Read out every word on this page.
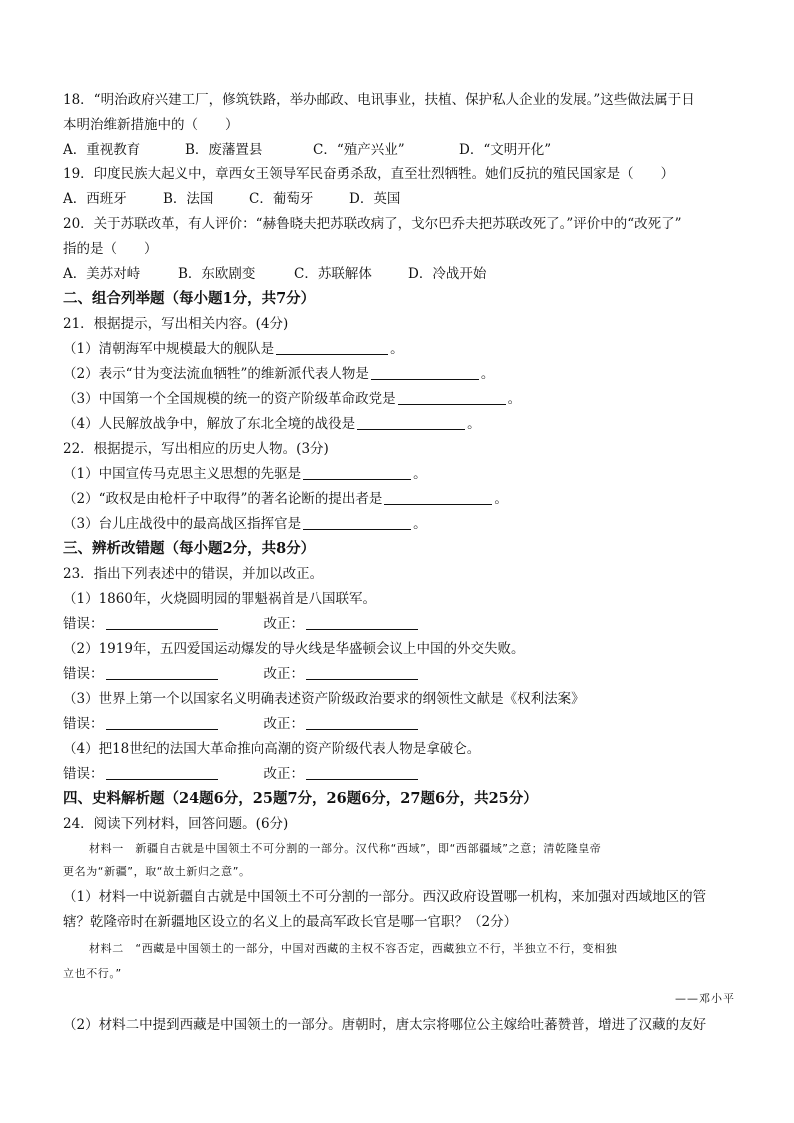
18．“明治政府兴建工厂，修筑铁路，举办邮政、电讯事业，扶植、保护私人企业的发展。”这些做法属于日
本明治维新措施中的（　　）
A．重视教育	B．废藩置县	C．“殖产兴业”	D．“文明开化”
19．印度民族大起义中，章西女王领导军民奋勇杀敌，直至壮烈牺牲。她们反抗的殖民国家是（　　）
A．西班牙	B．法国	C．葡萄牙	D．英国
20．关于苏联改革，有人评价：“赫鲁晓夫把苏联改病了，戈尔巴乔夫把苏联改死了。”评价中的“改死了”
指的是（　　）
A．美苏对峙	B．东欧剧变	C．苏联解体	D．冷战开始
二、组合列举题（每小题1分，共7分）
21．根据提示，写出相关内容。(4分)
（1）清朝海军中规模最大的舰队是	。
（2）表示“甘为变法流血牺牲”的维新派代表人物是	。
（3）中国第一个全国规模的统一的资产阶级革命政党是	。
（4）人民解放战争中，解放了东北全境的战役是	。
22．根据提示，写出相应的历史人物。(3分)
（1）中国宣传马克思主义思想的先驱是	。
（2）“政权是由枪杆子中取得”的著名论断的提出者是	。
（3）台儿庄战役中的最高战区指挥官是	。
三、辨析改错题（每小题2分，共8分）
23．指出下列表述中的错误，并加以改正。
（1）1860年，火烧圆明园的罪魁祸首是八国联军。
错误：	改正：
（2）1919年，五四爱国运动爆发的导火线是华盛顿会议上中国的外交失败。
错误：	改正：
（3）世界上第一个以国家名义明确表述资产阶级政治要求的纲领性文献是《权利法案》
错误：	改正：
（4）把18世纪的法国大革命推向高潮的资产阶级代表人物是拿破仑。
错误：	改正：
四、史料解析题（24题6分，25题7分，26题6分，27题6分，共25分）
24．阅读下列材料，回答问题。(6分)
材料一　新疆自古就是中国领土不可分割的一部分。汉代称“西域”，即“西部疆域”之意；清乾隆皇帝
更名为“新疆”，取“故土新归之意”。
（1）材料一中说新疆自古就是中国领土不可分割的一部分。西汉政府设置哪一机构，来加强对西域地区的管
辖？乾隆帝时在新疆地区设立的名义上的最高军政长官是哪一官职？（2分）
材料二　“西藏是中国领土的一部分，中国对西藏的主权不容否定，西藏独立不行，半独立不行，变相独
立也不行。”
——邓小平
（2）材料二中提到西藏是中国领土的一部分。唐朝时，唐太宗将哪位公主嫁给吐蕃赞普，增进了汉藏的友好
